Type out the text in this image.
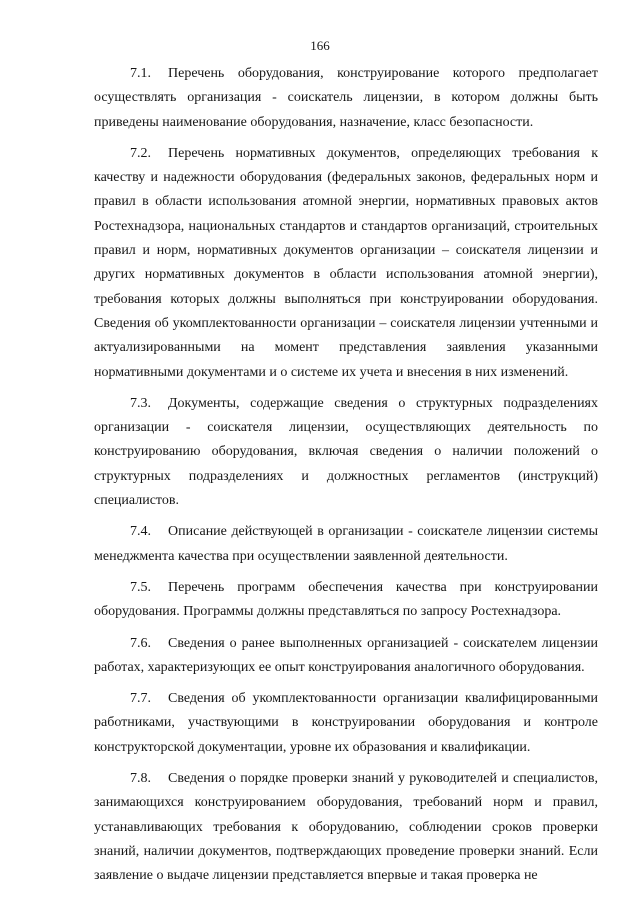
166

7.1. Перечень оборудования, конструирование которого предполагает осуществлять организация - соискатель лицензии, в котором должны быть приведены наименование оборудования, назначение, класс безопасности.

7.2. Перечень нормативных документов, определяющих требования к качеству и надежности оборудования (федеральных законов, федеральных норм и правил в области использования атомной энергии, нормативных правовых актов Ростехнадзора, национальных стандартов и стандартов организаций, строительных правил и норм, нормативных документов организации – соискателя лицензии и других нормативных документов в области использования атомной энергии), требования которых должны выполняться при конструировании оборудования. Сведения об укомплектованности организации – соискателя лицензии учтенными и актуализированными на момент представления заявления указанными нормативными документами и о системе их учета и внесения в них изменений.

7.3. Документы, содержащие сведения о структурных подразделениях организации - соискателя лицензии, осуществляющих деятельность по конструированию оборудования, включая сведения о наличии положений о структурных подразделениях и должностных регламентов (инструкций) специалистов.

7.4. Описание действующей в организации - соискателе лицензии системы менеджмента качества при осуществлении заявленной деятельности.

7.5. Перечень программ обеспечения качества при конструировании оборудования. Программы должны представляться по запросу Ростехнадзора.

7.6. Сведения о ранее выполненных организацией - соискателем лицензии работах, характеризующих ее опыт конструирования аналогичного оборудования.

7.7. Сведения об укомплектованности организации квалифицированными работниками, участвующими в конструировании оборудования и контроле конструкторской документации, уровне их образования и квалификации.

7.8. Сведения о порядке проверки знаний у руководителей и специалистов, занимающихся конструированием оборудования, требований норм и правил, устанавливающих требования к оборудованию, соблюдении сроков проверки знаний, наличии документов, подтверждающих проведение проверки знаний. Если заявление о выдаче лицензии представляется впервые и такая проверка не
